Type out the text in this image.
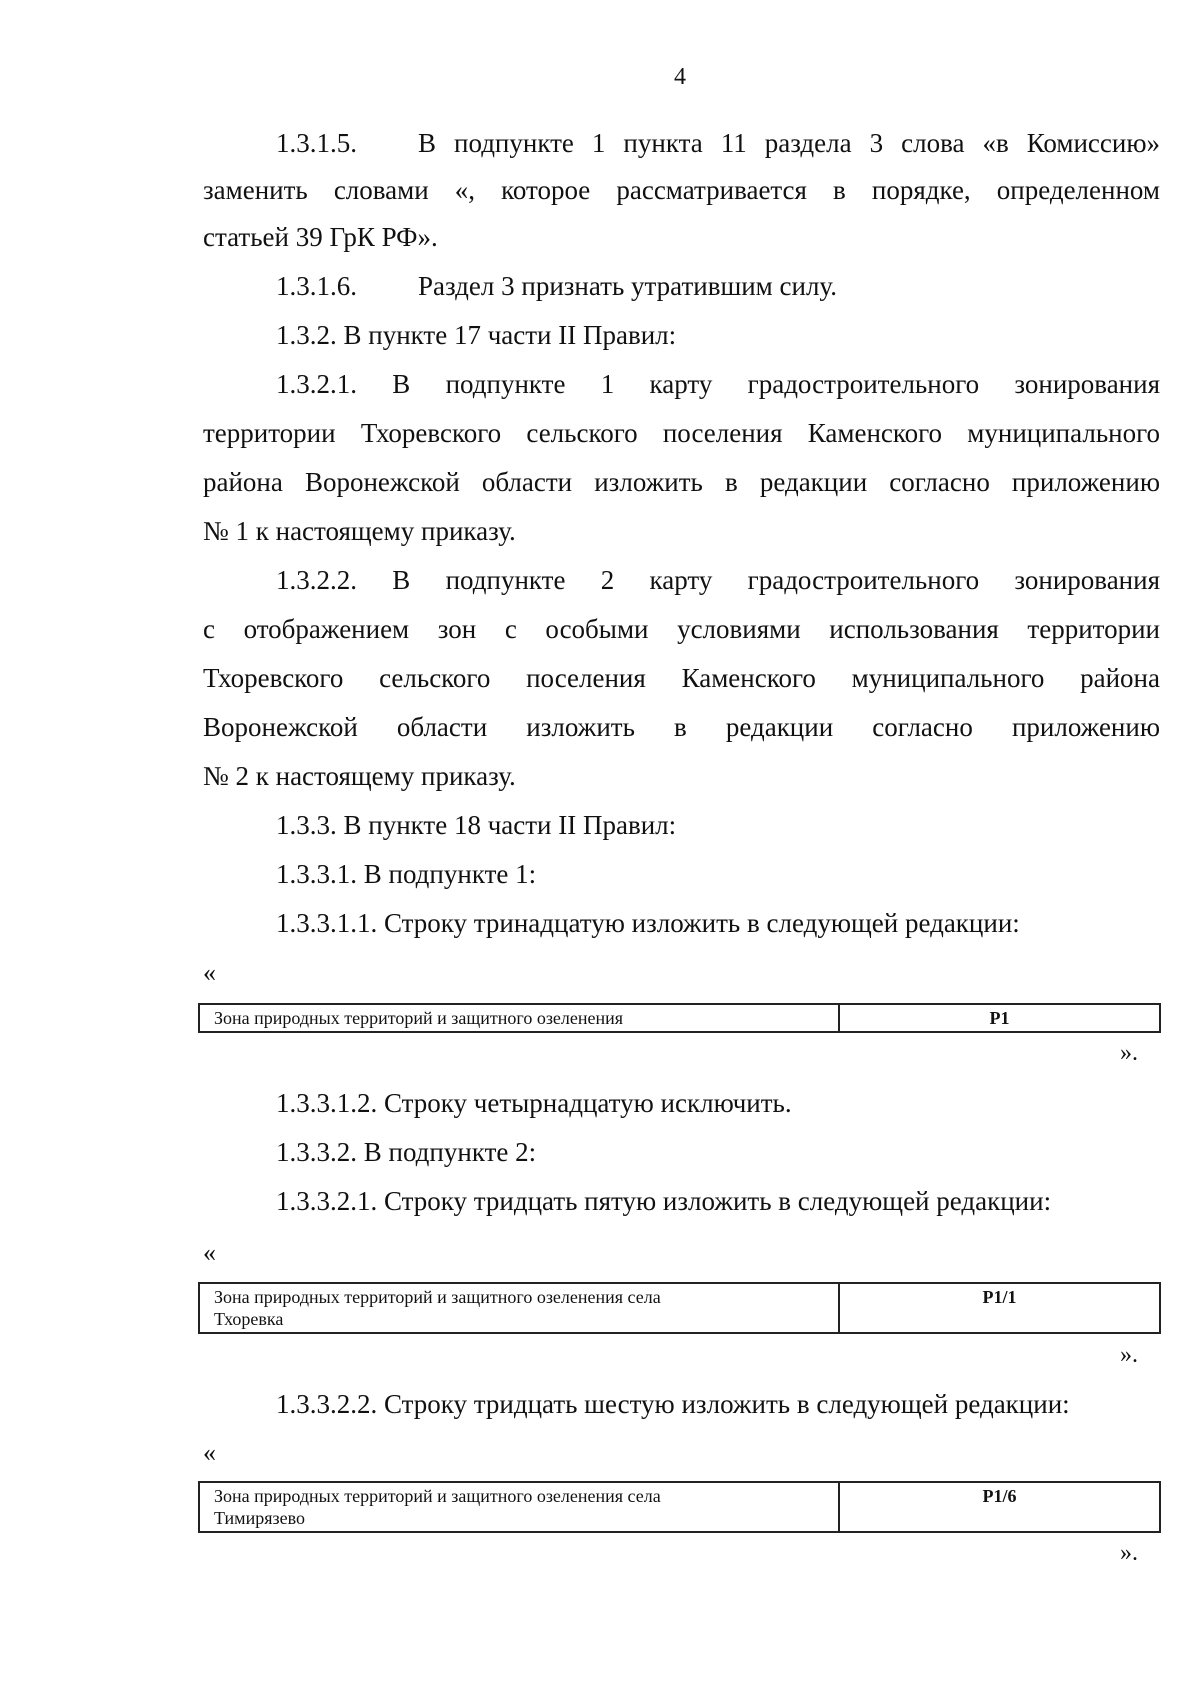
4
1.3.1.5. В подпункте 1 пункта 11 раздела 3 слова «в Комиссию»
заменить словами «, которое рассматривается в порядке, определенном
статьей 39 ГрК РФ».
1.3.1.6. Раздел 3 признать утратившим силу.
1.3.2. В пункте 17 части II Правил:
1.3.2.1. В подпункте 1 карту градостроительного зонирования
территории Тхоревского сельского поселения Каменского муниципального
района Воронежской области изложить в редакции согласно приложению
№ 1 к настоящему приказу.
1.3.2.2. В подпункте 2 карту градостроительного зонирования
с отображением зон с особыми условиями использования территории
Тхоревского сельского поселения Каменского муниципального района
Воронежской области изложить в редакции согласно приложению
№ 2 к настоящему приказу.
1.3.3. В пункте 18 части II Правил:
1.3.3.1. В подпункте 1:
1.3.3.1.1. Строку тринадцатую изложить в следующей редакции:
«
Зона природных территорий и защитного озеленения	Р1
».
1.3.3.1.2. Строку четырнадцатую исключить.
1.3.3.2. В подпункте 2:
1.3.3.2.1. Строку тридцать пятую изложить в следующей редакции:
«
Зона природных территорий и защитного озеленения села
Тхоревка
	Р1/1
».
1.3.3.2.2. Строку тридцать шестую изложить в следующей редакции:
«
Зона природных территорий и защитного озеленения села
Тимирязево
	Р1/6
».
